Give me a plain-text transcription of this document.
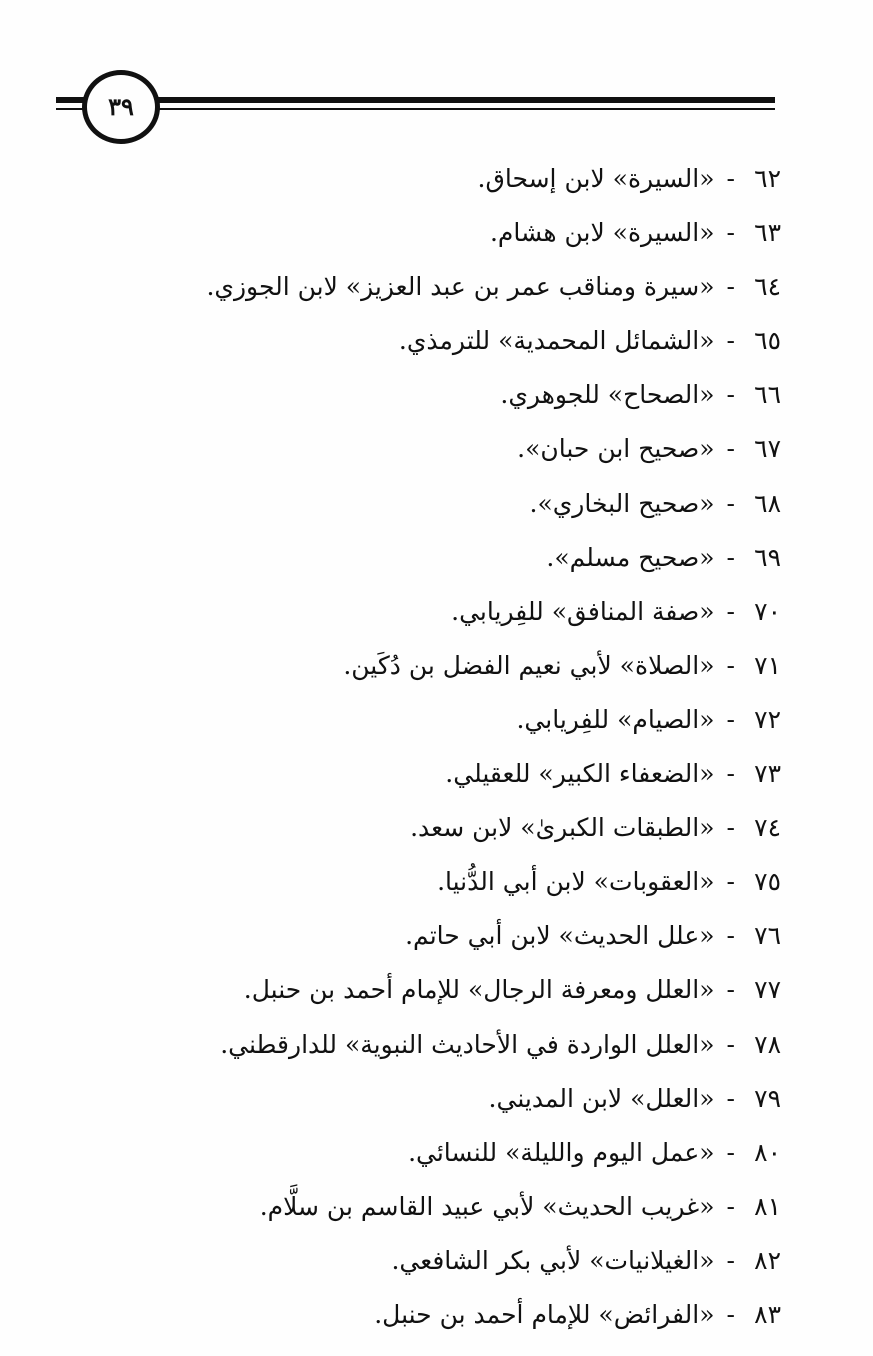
٣٩
٦٢-«السيرة» لابن إسحاق.
٦٣-«السيرة» لابن هشام.
٦٤-«سيرة ومناقب عمر بن عبد العزيز» لابن الجوزي.
٦٥-«الشمائل المحمدية» للترمذي.
٦٦-«الصحاح» للجوهري.
٦٧-«صحيح ابن حبان».
٦٨-«صحيح البخاري».
٦٩-«صحيح مسلم».
٧٠-«صفة المنافق» للفِريابي.
٧١-«الصلاة» لأبي نعيم الفضل بن دُكَين.
٧٢-«الصيام» للفِريابي.
٧٣-«الضعفاء الكبير» للعقيلي.
٧٤-«الطبقات الكبرىٰ» لابن سعد.
٧٥-«العقوبات» لابن أبي الدُّنيا.
٧٦-«علل الحديث» لابن أبي حاتم.
٧٧-«العلل ومعرفة الرجال» للإمام أحمد بن حنبل.
٧٨-«العلل الواردة في الأحاديث النبوية» للدارقطني.
٧٩-«العلل» لابن المديني.
٨٠-«عمل اليوم والليلة» للنسائي.
٨١-«غريب الحديث» لأبي عبيد القاسم بن سلَّام.
٨٢-«الغيلانيات» لأبي بكر الشافعي.
٨٣-«الفرائض» للإمام أحمد بن حنبل.
